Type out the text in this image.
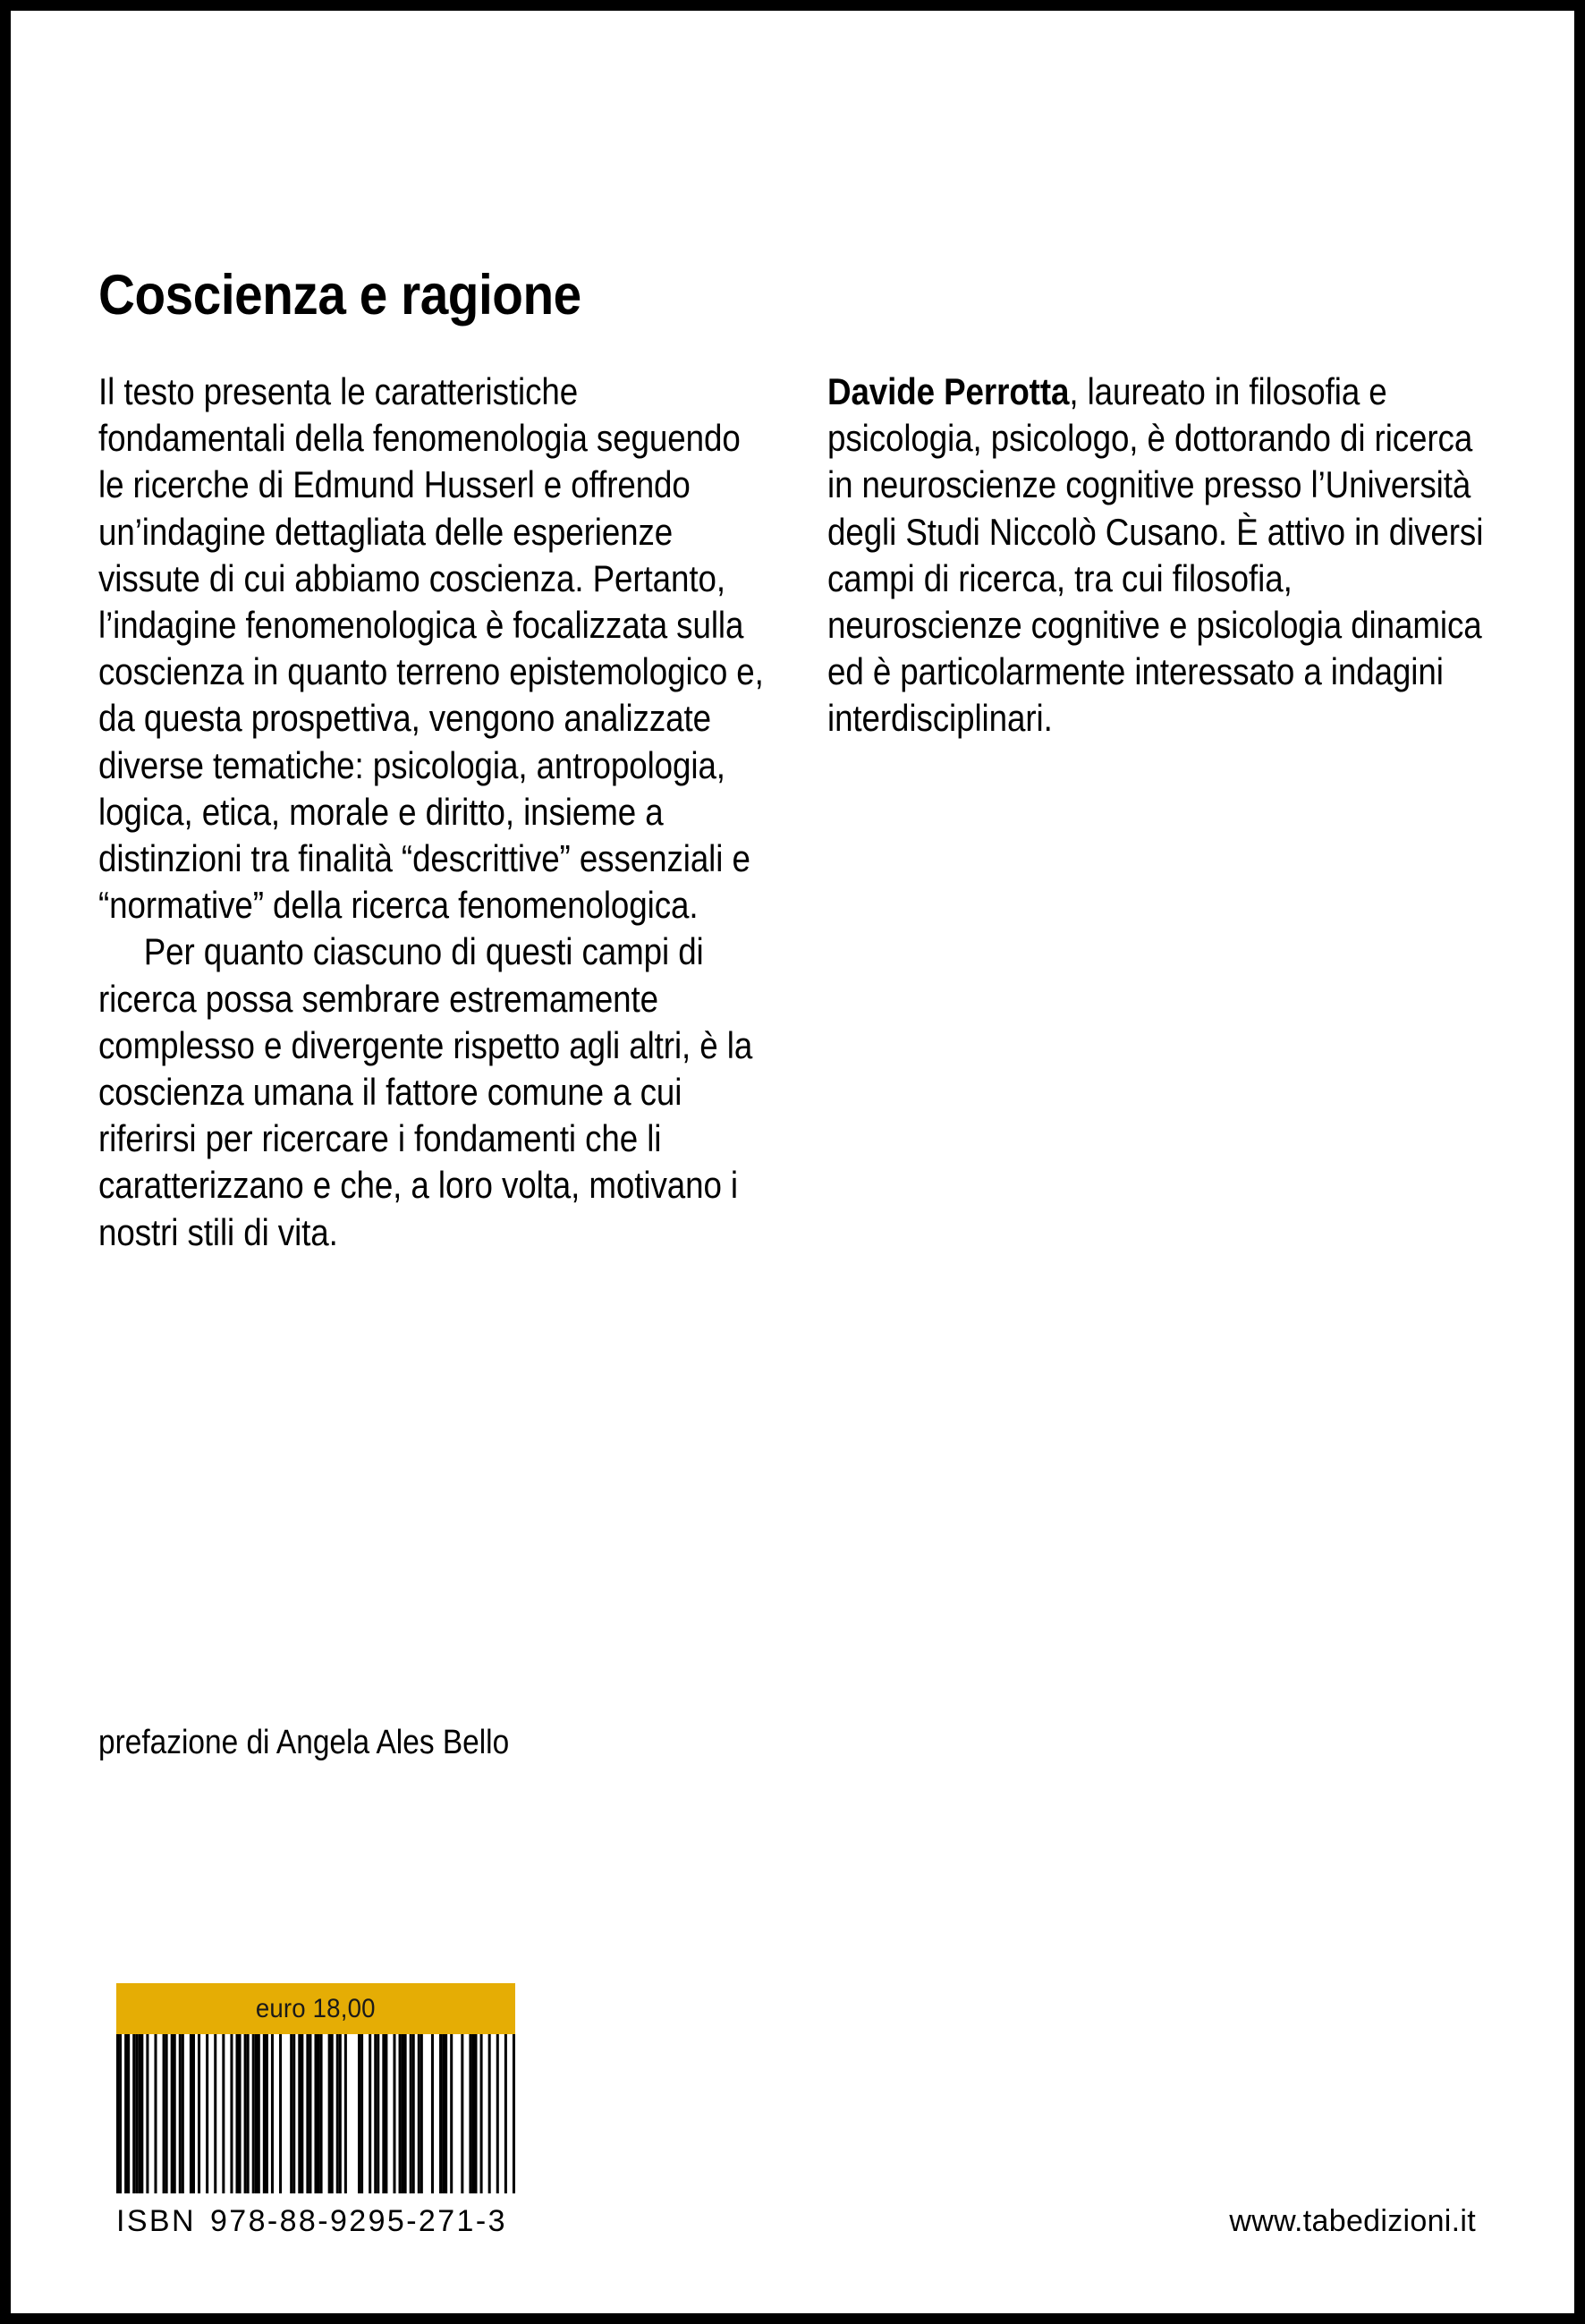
Coscienza e ragione

Il testo presenta le caratteristiche fondamentali della fenomenologia seguendo le ricerche di Edmund Husserl e offrendo un’indagine dettagliata delle esperienze vissute di cui abbiamo coscienza. Pertanto, l’indagine fenomenologica è focalizzata sulla coscienza in quanto terreno epistemologico e, da questa prospettiva, vengono analizzate diverse tematiche: psicologia, antropologia, logica, etica, morale e diritto, insieme a distinzioni tra finalità “descrittive” essenziali e “normative” della ricerca fenomenologica.

Per quanto ciascuno di questi campi di ricerca possa sembrare estremamente complesso e divergente rispetto agli altri, è la coscienza umana il fattore comune a cui riferirsi per ricercare i fondamenti che li caratterizzano e che, a loro volta, motivano i nostri stili di vita.

Davide Perrotta, laureato in filosofia e psicologia, psicologo, è dottorando di ricerca in neuroscienze cognitive presso l’Università degli Studi Niccolò Cusano. È attivo in diversi campi di ricerca, tra cui filosofia, neuroscienze cognitive e psicologia dinamica ed è particolarmente interessato a indagini interdisciplinari.

prefazione di Angela Ales Bello
euro 18,00
ISBN 978-88-9295-271-3	www.tabedizioni.it
